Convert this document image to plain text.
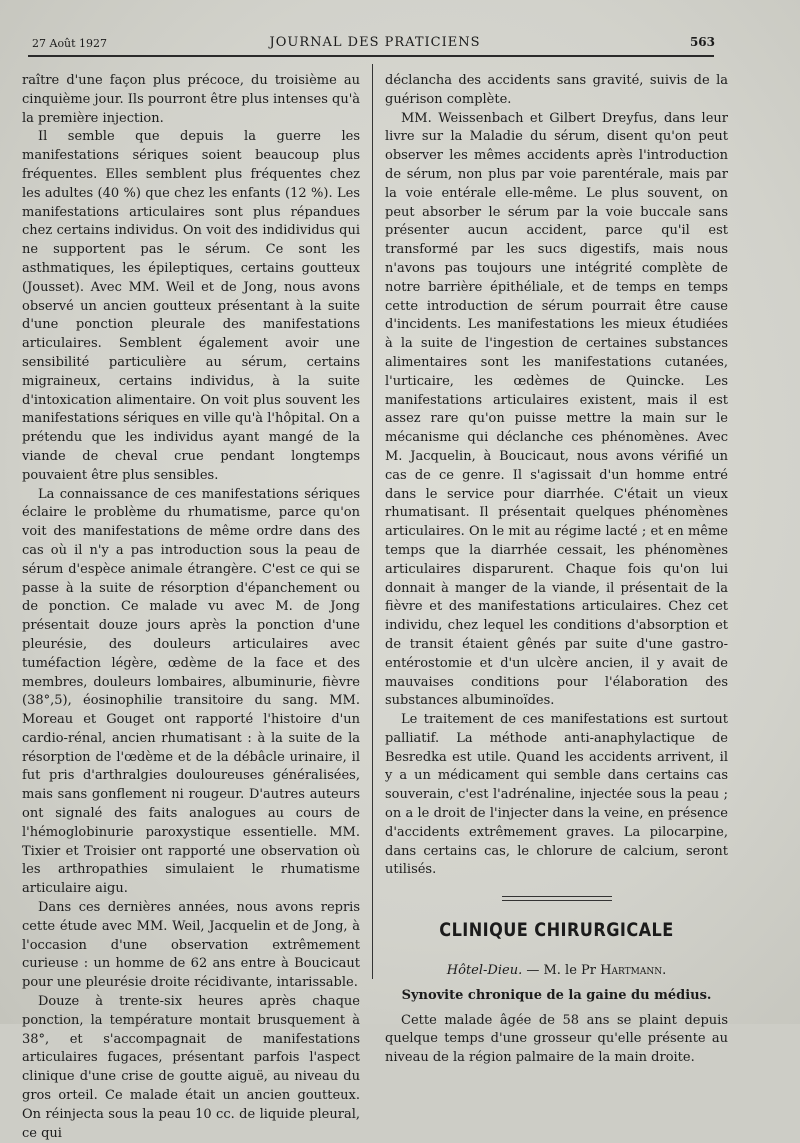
27 Août 1927	JOURNAL DES PRATICIENS	563

raître d'une façon plus précoce, du troisième au cinquième jour. Ils pourront être plus intenses qu'à la première injection.

Il semble que depuis la guerre les manifestations sériques soient beaucoup plus fréquentes. Elles semblent plus fréquentes chez les adultes (40 %) que chez les enfants (12 %). Les manifestations articulaires sont plus répandues chez certains individus. On voit des indidividus qui ne supportent pas le sérum. Ce sont les asthmatiques, les épileptiques, certains goutteux (Jousset). Avec MM. Weil et de Jong, nous avons observé un ancien goutteux présentant à la suite d'une ponction pleurale des manifestations articulaires. Semblent également avoir une sensibilité particulière au sérum, certains migraineux, certains individus, à la suite d'intoxication alimentaire. On voit plus souvent les manifestations sériques en ville qu'à l'hôpital. On a prétendu que les individus ayant mangé de la viande de cheval crue pendant longtemps pouvaient être plus sensibles.

La connaissance de ces manifestations sériques éclaire le problème du rhumatisme, parce qu'on voit des manifestations de même ordre dans des cas où il n'y a pas introduction sous la peau de sérum d'espèce animale étrangère. C'est ce qui se passe à la suite de résorption d'épanchement ou de ponction. Ce malade vu avec M. de Jong présentait douze jours après la ponction d'une pleurésie, des douleurs articulaires avec tuméfaction légère, œdème de la face et des membres, douleurs lombaires, albuminurie, fièvre (38°,5), éosinophilie transitoire du sang. MM. Moreau et Gouget ont rapporté l'histoire d'un cardio-rénal, ancien rhumatisant : à la suite de la résorption de l'œdème et de la débâcle urinaire, il fut pris d'arthralgies douloureuses généralisées, mais sans gonflement ni rougeur. D'autres auteurs ont signalé des faits analogues au cours de l'hémoglobinurie paroxystique essentielle. MM. Tixier et Troisier ont rapporté une observation où les arthropathies simulaient le rhumatisme articulaire aigu.

Dans ces dernières années, nous avons repris cette étude avec MM. Weil, Jacquelin et de Jong, à l'occasion d'une observation extrêmement curieuse : un homme de 62 ans entre à Boucicaut pour une pleurésie droite récidivante, intarissable.

Douze à trente-six heures après chaque ponction, la température montait brusquement à 38°, et s'accompagnait de manifestations articulaires fugaces, présentant parfois l'aspect clinique d'une crise de goutte aiguë, au niveau du gros orteil. Ce malade était un ancien goutteux. On réinjecta sous la peau 10 cc. de liquide pleural, ce qui

déclancha des accidents sans gravité, suivis de la guérison complète.

MM. Weissenbach et Gilbert Dreyfus, dans leur livre sur la Maladie du sérum, disent qu'on peut observer les mêmes accidents après l'introduction de sérum, non plus par voie parentérale, mais par la voie entérale elle-même. Le plus souvent, on peut absorber le sérum par la voie buccale sans présenter aucun accident, parce qu'il est transformé par les sucs digestifs, mais nous n'avons pas toujours une intégrité complète de notre barrière épithéliale, et de temps en temps cette introduction de sérum pourrait être cause d'incidents. Les manifestations les mieux étudiées à la suite de l'ingestion de certaines substances alimentaires sont les manifestations cutanées, l'urticaire, les œdèmes de Quincke. Les manifestations articulaires existent, mais il est assez rare qu'on puisse mettre la main sur le mécanisme qui déclanche ces phénomènes. Avec M. Jacquelin, à Boucicaut, nous avons vérifié un cas de ce genre. Il s'agissait d'un homme entré dans le service pour diarrhée. C'était un vieux rhumatisant. Il présentait quelques phénomènes articulaires. On le mit au régime lacté ; et en même temps que la diarrhée cessait, les phénomènes articulaires disparurent. Chaque fois qu'on lui donnait à manger de la viande, il présentait de la fièvre et des manifestations articulaires. Chez cet individu, chez lequel les conditions d'absorption et de transit étaient gênés par suite d'une gastro-entérostomie et d'un ulcère ancien, il y avait de mauvaises conditions pour l'élaboration des substances albuminoïdes.

Le traitement de ces manifestations est surtout palliatif. La méthode anti-anaphylactique de Besredka est utile. Quand les accidents arrivent, il y a un médicament qui semble dans certains cas souverain, c'est l'adrénaline, injectée sous la peau ; on a le droit de l'injecter dans la veine, en présence d'accidents extrêmement graves. La pilocarpine, dans certains cas, le chlorure de calcium, seront utilisés.

CLINIQUE CHIRURGICALE
Hôtel-Dieu. — M. le Pr Hartmann.
Synovite chronique de la gaine du médius.

Cette malade âgée de 58 ans se plaint depuis quelque temps d'une grosseur qu'elle présente au niveau de la région palmaire de la main droite.
